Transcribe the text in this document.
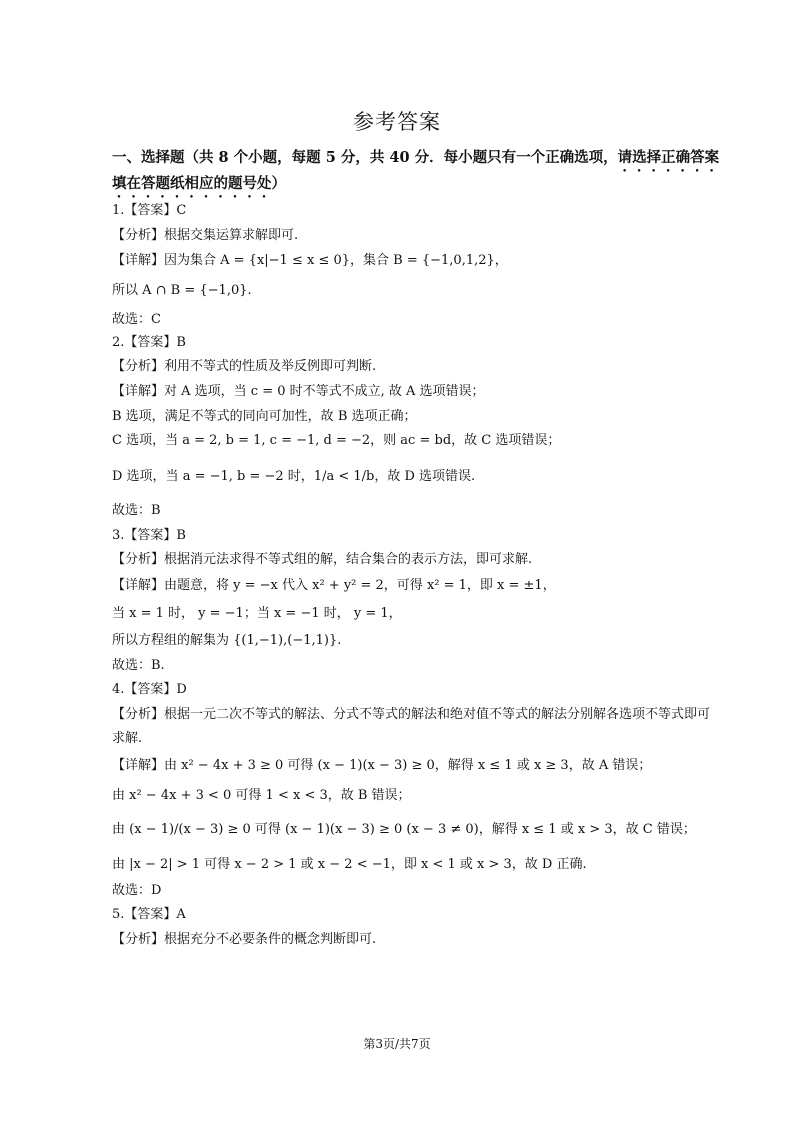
参考答案
一、选择题（共 8 个小题，每题 5 分，共 40 分．每小题只有一个正确选项，请选择正确答案
填在答题纸相应的题号处）
1.【答案】C
【分析】根据交集运算求解即可.
【详解】因为集合 A = {x|−1 ≤ x ≤ 0}，集合 B = {−1,0,1,2}，
所以 A ∩ B = {−1,0}.
故选：C
2.【答案】B
【分析】利用不等式的性质及举反例即可判断.
【详解】对 A 选项，当 c = 0 时不等式不成立, 故 A 选项错误；
B 选项，满足不等式的同向可加性，故 B 选项正确；
C 选项，当 a = 2, b = 1, c = −1, d = −2，则 ac = bd，故 C 选项错误；
D 选项，当 a = −1, b = −2 时，1/a < 1/b，故 D 选项错误.
故选：B
3.【答案】B
【分析】根据消元法求得不等式组的解，结合集合的表示方法，即可求解.
【详解】由题意，将 y = −x 代入 x² + y² = 2，可得 x² = 1，即 x = ±1，
当 x = 1 时， y = −1；当 x = −1 时， y = 1，
所以方程组的解集为 {(1,−1),(−1,1)}.
故选：B.
4.【答案】D
【分析】根据一元二次不等式的解法、分式不等式的解法和绝对值不等式的解法分别解各选项不等式即可
求解.
【详解】由 x² − 4x + 3 ≥ 0 可得 (x − 1)(x − 3) ≥ 0，解得 x ≤ 1 或 x ≥ 3，故 A 错误；
由 x² − 4x + 3 < 0 可得 1 < x < 3，故 B 错误；
由 (x − 1)/(x − 3) ≥ 0 可得 (x − 1)(x − 3) ≥ 0 (x − 3 ≠ 0)，解得 x ≤ 1 或 x > 3，故 C 错误；
由 |x − 2| > 1 可得 x − 2 > 1 或 x − 2 < −1，即 x < 1 或 x > 3，故 D 正确.
故选：D
5.【答案】A
【分析】根据充分不必要条件的概念判断即可.
第3页/共7页
